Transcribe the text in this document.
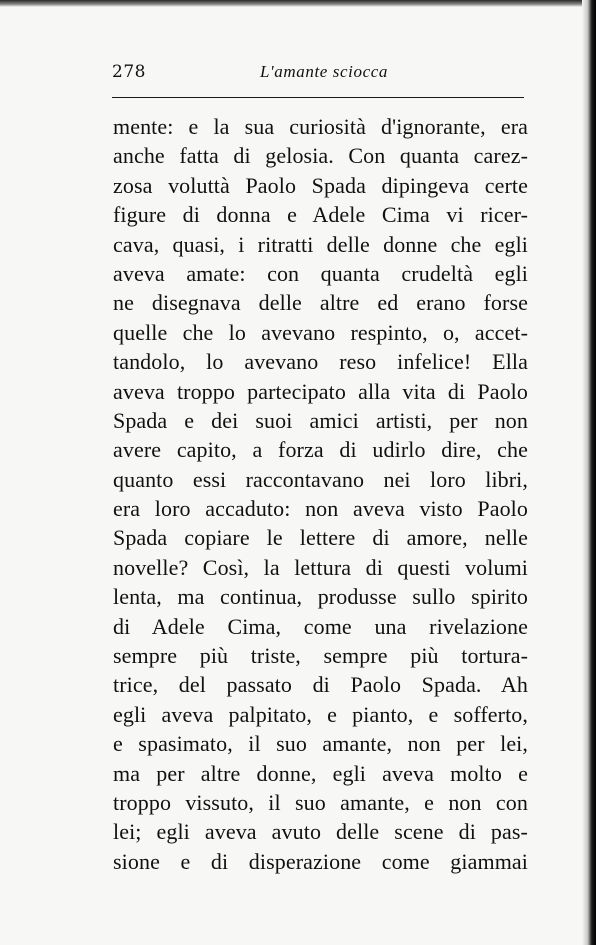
278	L'amante sciocca
mente: e la sua curiosità d'ignorante, era
anche fatta di gelosia. Con quanta carez-
zosa voluttà Paolo Spada dipingeva certe
figure di donna e Adele Cima vi ricer-
cava, quasi, i ritratti delle donne che egli
aveva amate: con quanta crudeltà egli
ne disegnava delle altre ed erano forse
quelle che lo avevano respinto, o, accet-
tandolo, lo avevano reso infelice! Ella
aveva troppo partecipato alla vita di Paolo
Spada e dei suoi amici artisti, per non
avere capito, a forza di udirlo dire, che
quanto essi raccontavano nei loro libri,
era loro accaduto: non aveva visto Paolo
Spada copiare le lettere di amore, nelle
novelle? Così, la lettura di questi volumi
lenta, ma continua, produsse sullo spirito
di Adele Cima, come una rivelazione
sempre più triste, sempre più tortura-
trice, del passato di Paolo Spada. Ah
egli aveva palpitato, e pianto, e sofferto,
e spasimato, il suo amante, non per lei,
ma per altre donne, egli aveva molto e
troppo vissuto, il suo amante, e non con
lei; egli aveva avuto delle scene di pas-
sione e di disperazione come giammai
